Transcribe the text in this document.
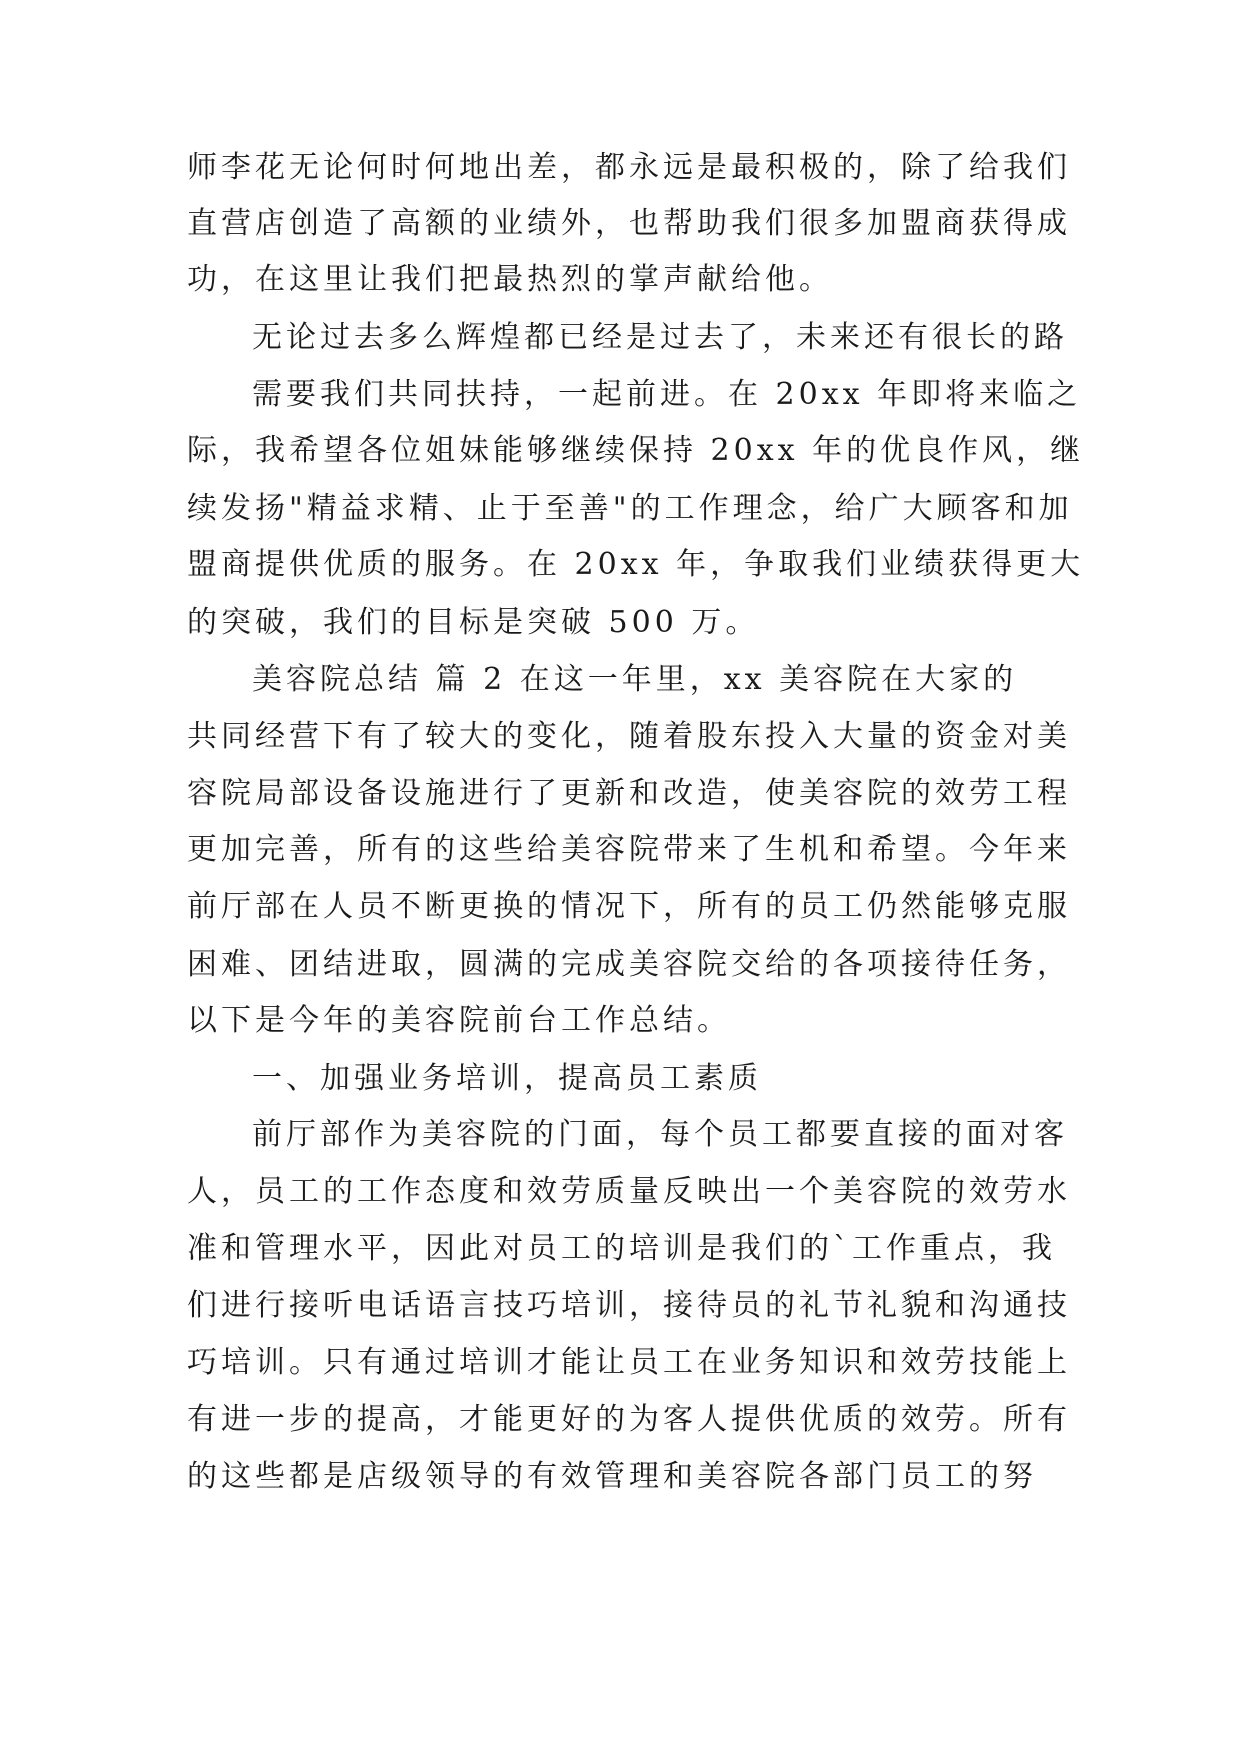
师李花无论何时何地出差，都永远是最积极的，除了给我们
直营店创造了高额的业绩外，也帮助我们很多加盟商获得成
功，在这里让我们把最热烈的掌声献给他。
无论过去多么辉煌都已经是过去了，未来还有很长的路
需要我们共同扶持，一起前进。在 20xx 年即将来临之
际，我希望各位姐妹能够继续保持 20xx 年的优良作风，继
续发扬"精益求精、止于至善"的工作理念，给广大顾客和加
盟商提供优质的服务。在 20xx 年，争取我们业绩获得更大
的突破，我们的目标是突破 500 万。
美容院总结 篇 2 在这一年里，xx 美容院在大家的
共同经营下有了较大的变化，随着股东投入大量的资金对美
容院局部设备设施进行了更新和改造，使美容院的效劳工程
更加完善，所有的这些给美容院带来了生机和希望。今年来
前厅部在人员不断更换的情况下，所有的员工仍然能够克服
困难、团结进取，圆满的完成美容院交给的各项接待任务，
以下是今年的美容院前台工作总结。
一、加强业务培训，提高员工素质
前厅部作为美容院的门面，每个员工都要直接的面对客
人，员工的工作态度和效劳质量反映出一个美容院的效劳水
准和管理水平，因此对员工的培训是我们的`工作重点，我
们进行接听电话语言技巧培训，接待员的礼节礼貌和沟通技
巧培训。只有通过培训才能让员工在业务知识和效劳技能上
有进一步的提高，才能更好的为客人提供优质的效劳。所有
的这些都是店级领导的有效管理和美容院各部门员工的努
